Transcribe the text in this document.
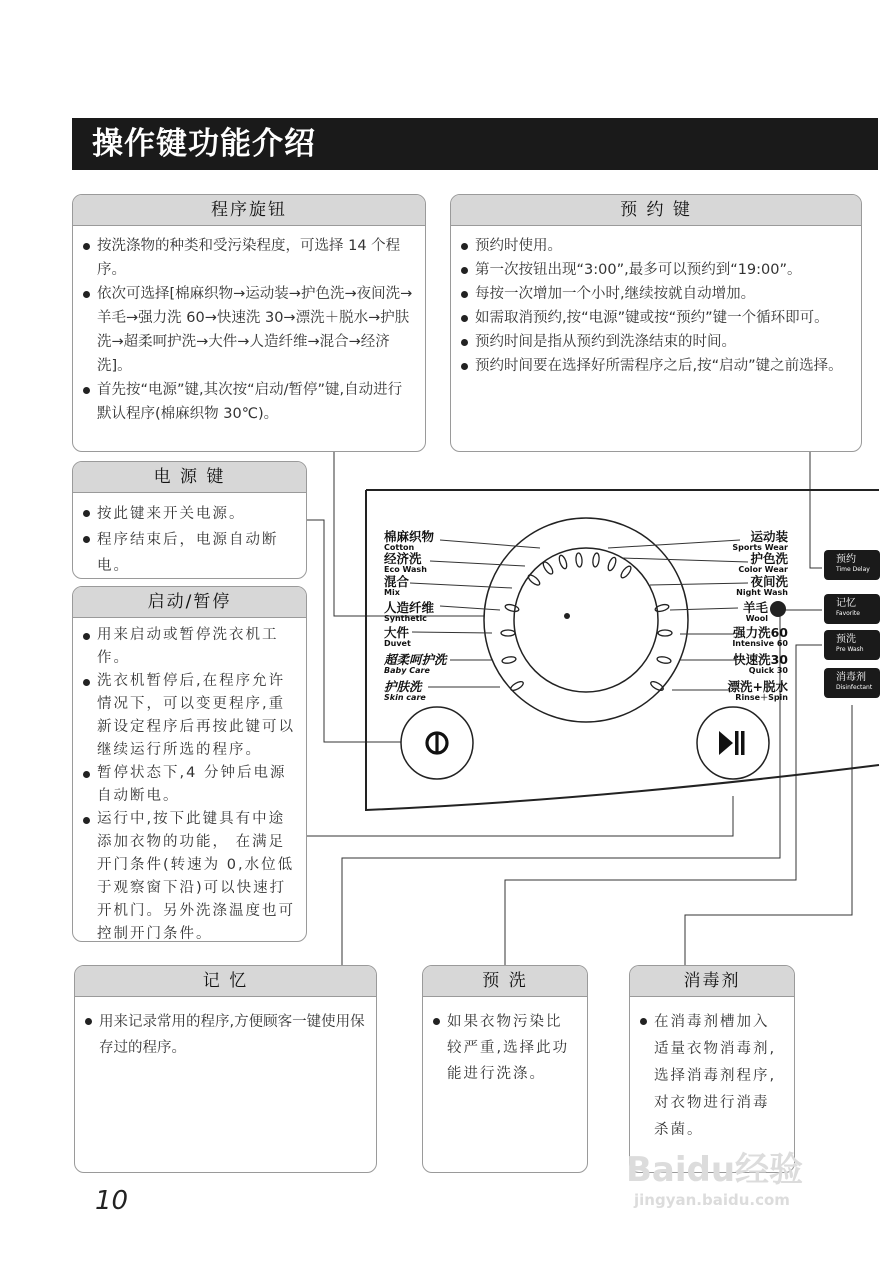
操作键功能介绍
程序旋钮
按洗涤物的种类和受污染程度，可选择 14 个程序。
依次可选择[棉麻织物→运动装→护色洗→夜间洗→羊毛→强力洗 60→快速洗 30→漂洗＋脱水→护肤洗→超柔呵护洗→大件→人造纤维→混合→经济洗]。
首先按“电源”键,其次按“启动/暂停”键,自动进行默认程序(棉麻织物 30℃)。
预 约 键
预约时使用。
第一次按钮出现“3:00”,最多可以预约到“19:00”。
每按一次增加一个小时,继续按就自动增加。
如需取消预约,按“电源”键或按“预约”键一个循环即可。
预约时间是指从预约到洗涤结束的时间。
预约时间要在选择好所需程序之后,按“启动”键之前选择。
电 源 键
按此键来开关电源。
程序结束后，电源自动断电。
启动/暂停
用来启动或暂停洗衣机工作。
洗衣机暂停后,在程序允许情况下，可以变更程序,重新设定程序后再按此键可以继续运行所选的程序。
暂停状态下,4 分钟后电源自动断电。
运行中,按下此键具有中途添加衣物的功能， 在满足开门条件(转速为 0,水位低于观察窗下沿)可以快速打开机门。另外洗涤温度也可控制开门条件。
记 忆
用来记录常用的程序,方便顾客一键使用保存过的程序。
预 洗
如果衣物污染比较严重,选择此功能进行洗涤。
消毒剂
在消毒剂槽加入适量衣物消毒剂,选择消毒剂程序,对衣物进行消毒杀菌。
棉麻织物
Cotton
经济洗
Eco Wash
混合
Mix
人造纤维
Synthetic
大件
Duvet
超柔呵护洗
Baby Care
护肤洗
Skin care
运动装
Sports Wear
护色洗
Color Wear
夜间洗
Night Wash
羊毛
Wool
强力洗60
Intensive 60
快速洗30
Quick 30
漂洗+脱水
Rinse＋Spin
预约
Time Delay
记忆
Favorite
预洗
Pre Wash
消毒剂
Disinfectant
10
Baidu经验
jingyan.baidu.com
